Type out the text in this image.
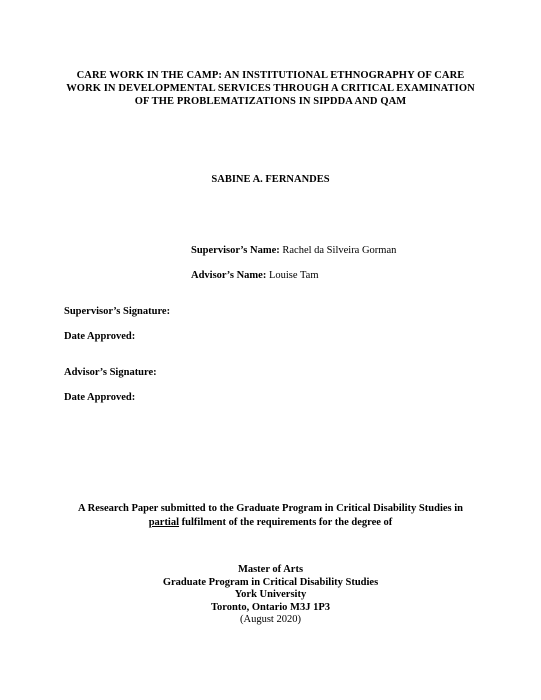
CARE WORK IN THE CAMP: AN INSTITUTIONAL ETHNOGRAPHY OF CARE
WORK IN DEVELOPMENTAL SERVICES THROUGH A CRITICAL EXAMINATION
OF THE PROBLEMATIZATIONS IN SIPDDA AND QAM
SABINE A. FERNANDES
Supervisor’s Name: Rachel da Silveira Gorman
Advisor’s Name: Louise Tam
Supervisor’s Signature:
Date Approved:
Advisor’s Signature:
Date Approved:
A Research Paper submitted to the Graduate Program in Critical Disability Studies in
partial fulfilment of the requirements for the degree of
Master of Arts
Graduate Program in Critical Disability Studies
York University
Toronto, Ontario M3J 1P3
(August 2020)
